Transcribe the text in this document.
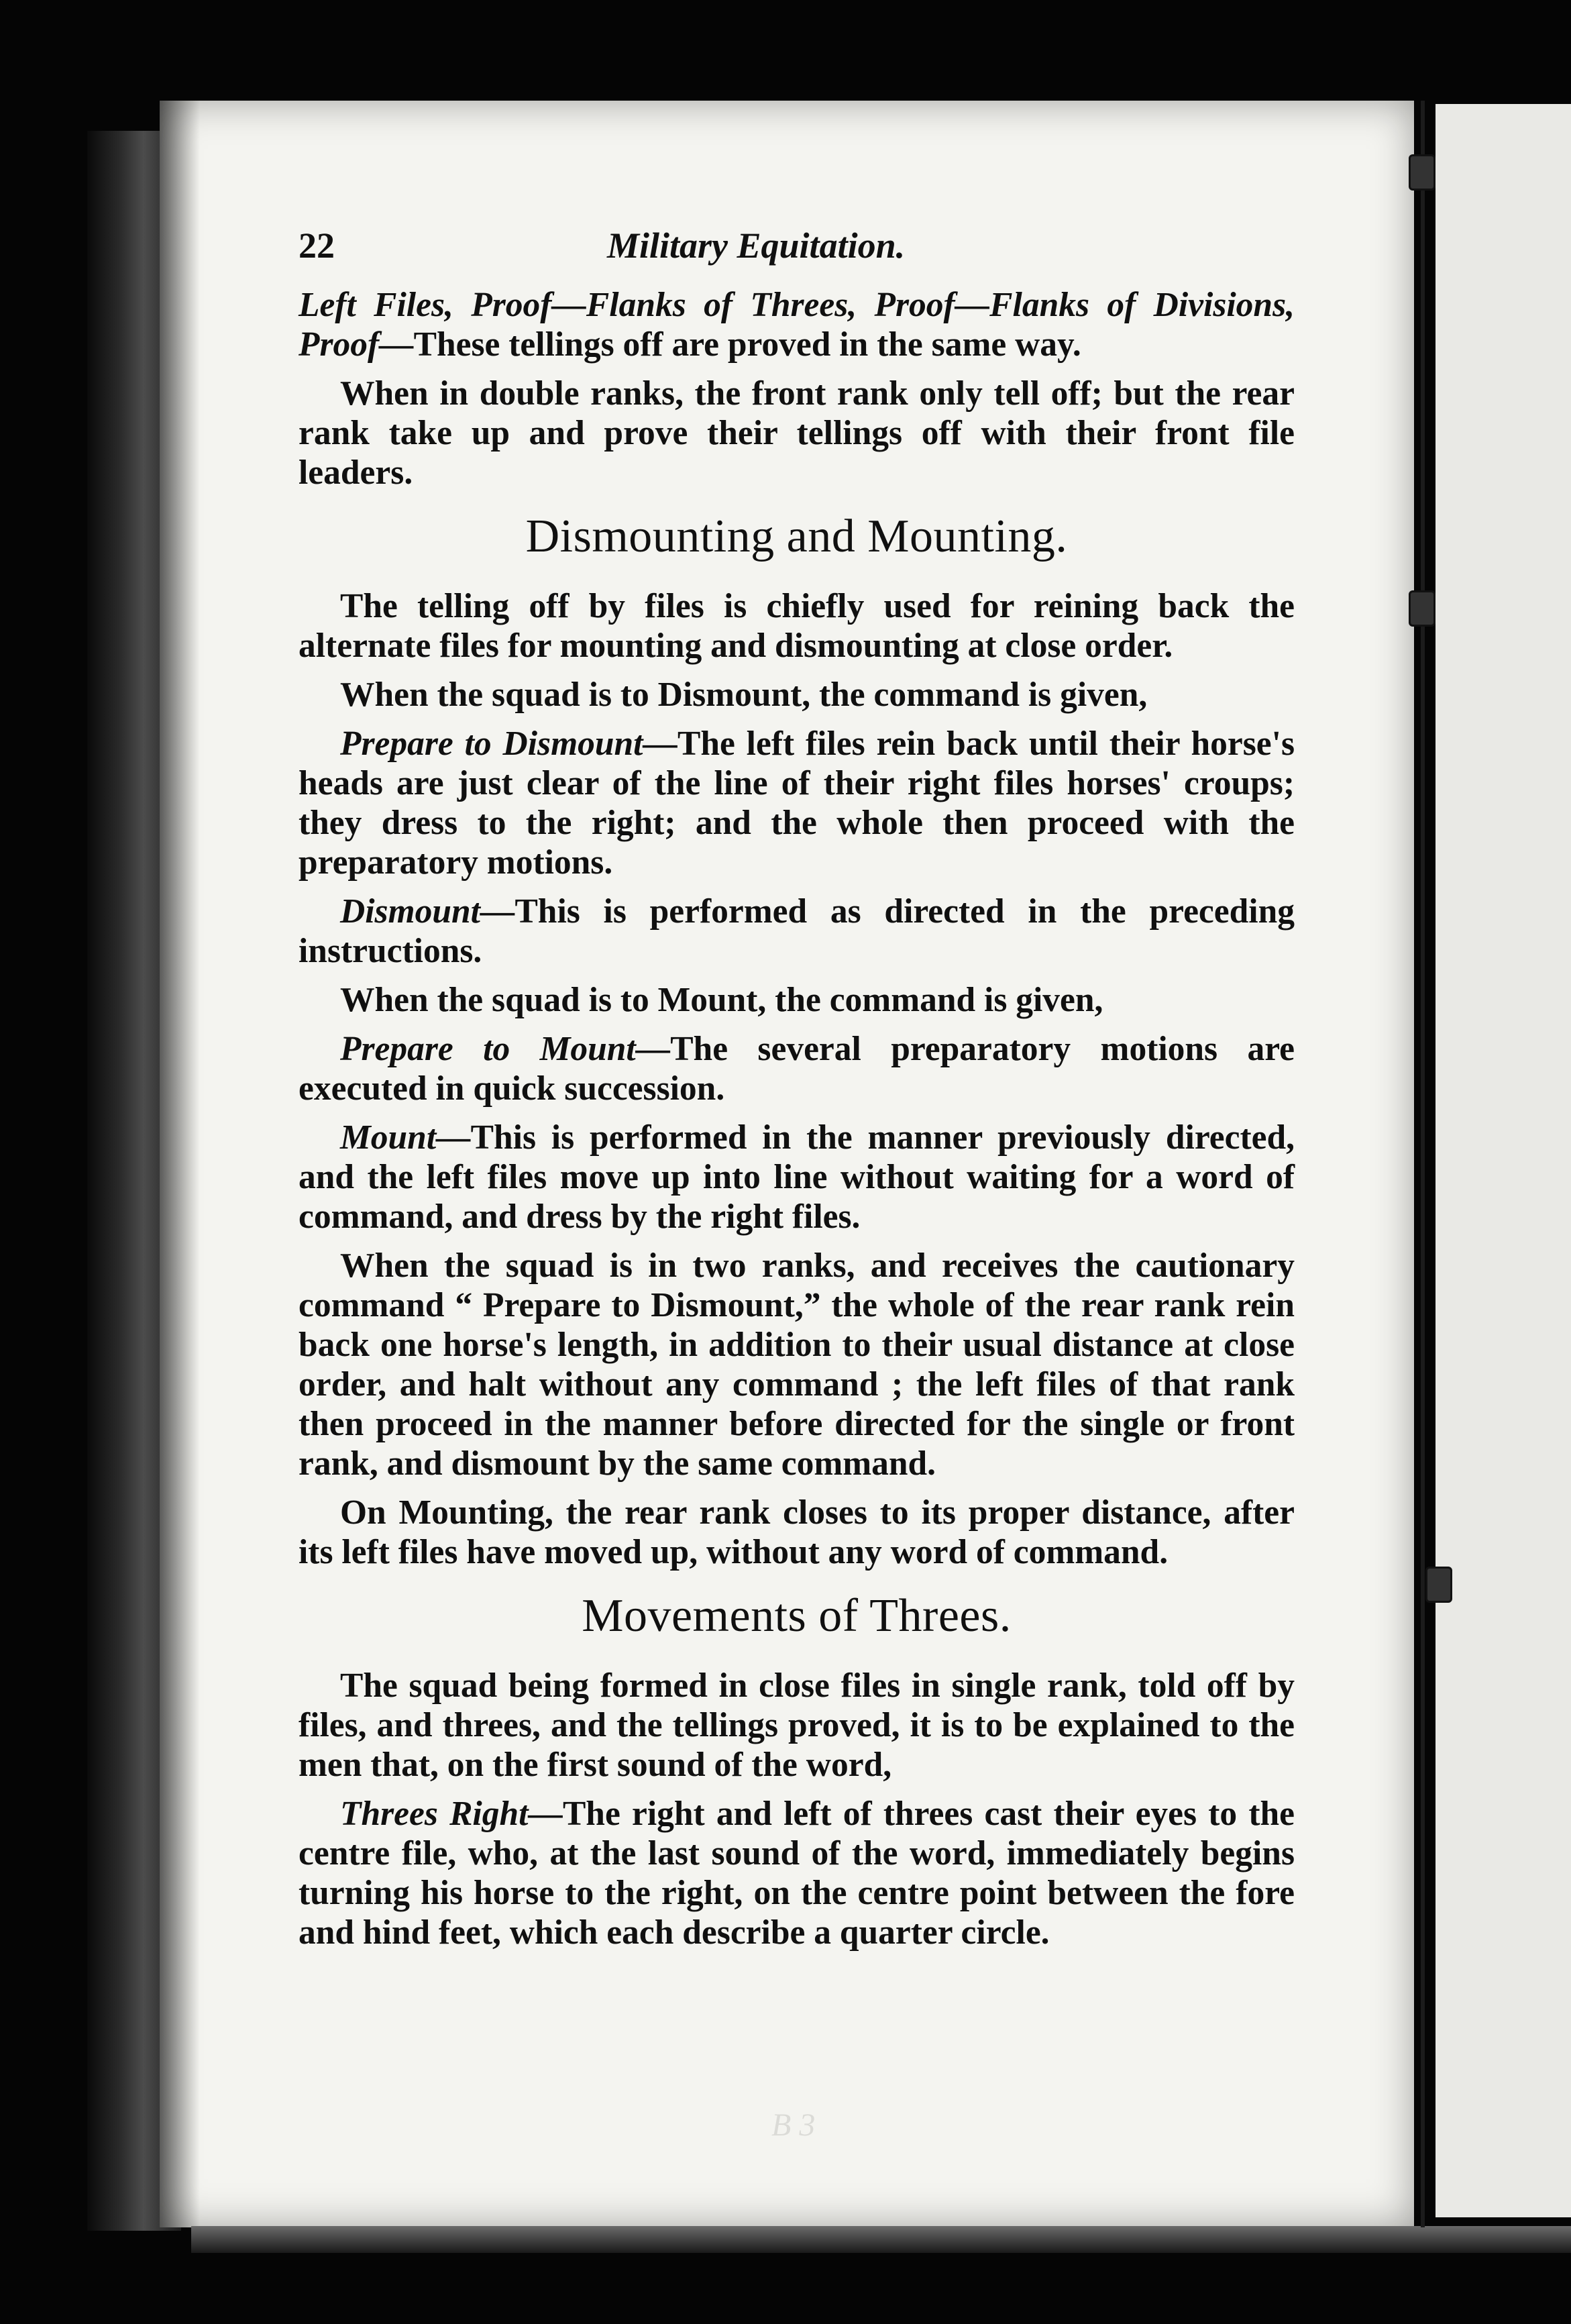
22	Military Equitation.

Left Files, Proof—Flanks of Threes, Proof—Flanks of Divisions, Proof—These tellings off are proved in the same way.

When in double ranks, the front rank only tell off; but the rear rank take up and prove their tellings off with their front file leaders.

Dismounting and Mounting.

The telling off by files is chiefly used for reining back the alternate files for mounting and dismounting at close order.

When the squad is to Dismount, the command is given,

Prepare to Dismount—The left files rein back until their horse's heads are just clear of the line of their right files horses' croups; they dress to the right; and the whole then proceed with the preparatory motions.

Dismount—This is performed as directed in the preceding instructions.

When the squad is to Mount, the command is given,

Prepare to Mount—The several preparatory motions are executed in quick succession.

Mount—This is performed in the manner previously directed, and the left files move up into line without waiting for a word of command, and dress by the right files.

When the squad is in two ranks, and receives the cautionary command “ Prepare to Dismount,” the whole of the rear rank rein back one horse's length, in addition to their usual distance at close order, and halt without any command ; the left files of that rank then proceed in the manner before directed for the single or front rank, and dismount by the same command.

On Mounting, the rear rank closes to its proper distance, after its left files have moved up, without any word of command.

Movements of Threes.

The squad being formed in close files in single rank, told off by files, and threes, and the tellings proved, it is to be explained to the men that, on the first sound of the word,

Threes Right—The right and left of threes cast their eyes to the centre file, who, at the last sound of the word, immediately begins turning his horse to the right, on the centre point between the fore and hind feet, which each describe a quarter circle.

B 3
